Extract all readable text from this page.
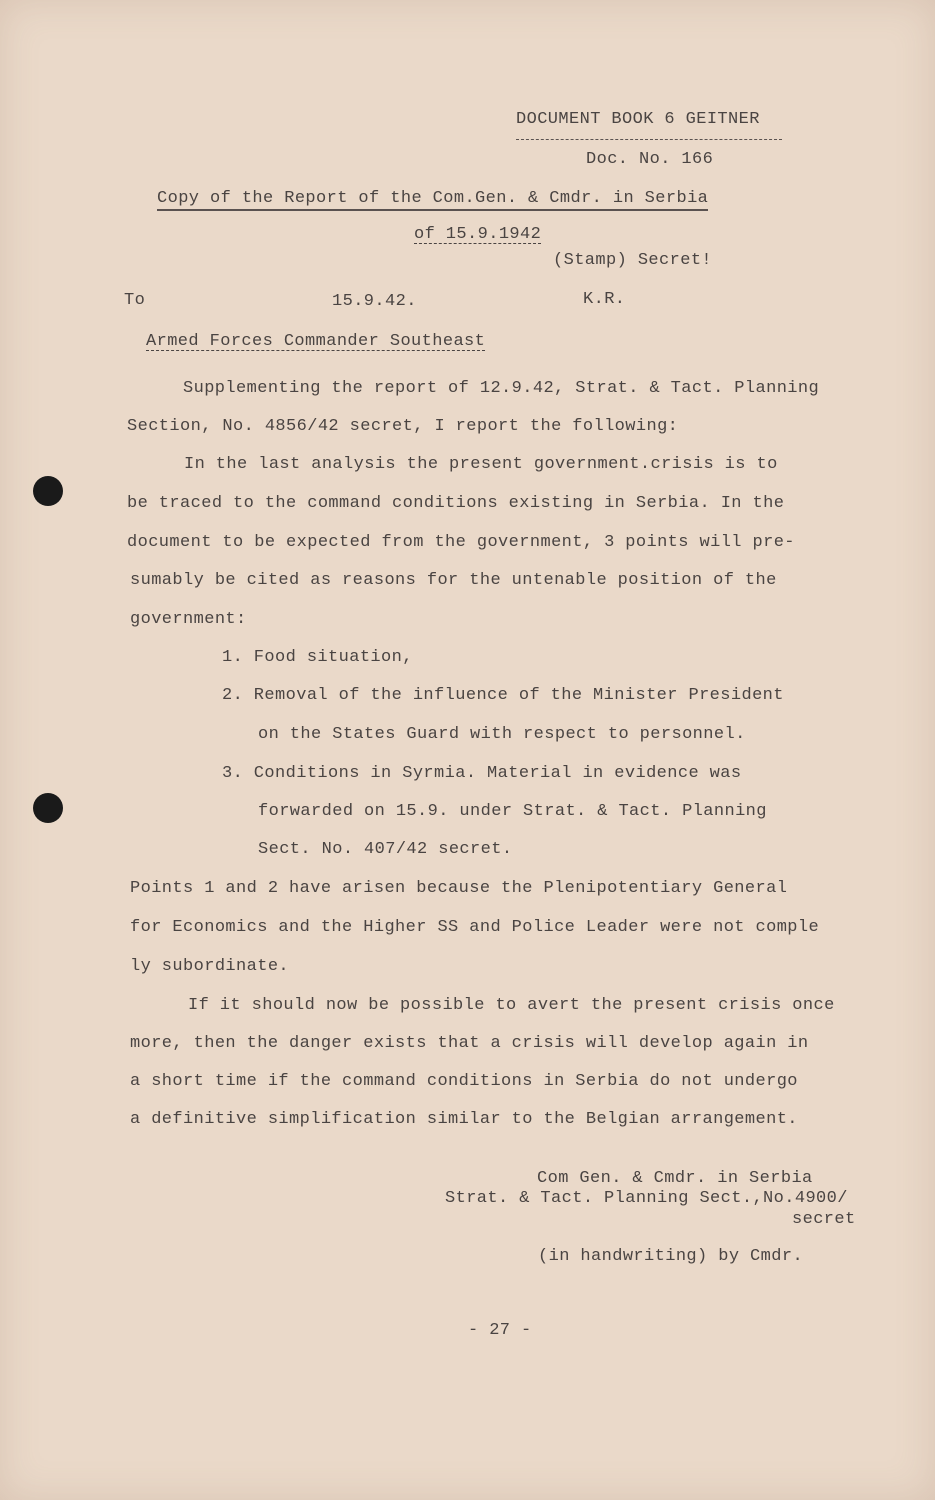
DOCUMENT BOOK 6 GEITNER
Doc. No. 166
Copy of the Report of the Com.Gen. & Cmdr. in Serbia
of 15.9.1942
(Stamp) Secret!
To	15.9.42.	K.R.
Armed Forces Commander Southeast
Supplementing the report of 12.9.42, Strat. & Tact. Planning
Section, No. 4856/42 secret, I report the following:
In the last analysis the present government.crisis is to
be traced to the command conditions existing in Serbia. In the
document to be expected from the government, 3 points will pre-
sumably be cited as reasons for the untenable position of the
government:
1. Food situation,
2. Removal of the influence of the Minister President
on the States Guard with respect to personnel.
3. Conditions in Syrmia. Material in evidence was
forwarded on 15.9. under Strat. & Tact. Planning
Sect. No. 407/42 secret.
Points 1 and 2 have arisen because the Plenipotentiary General
for Economics and the Higher SS and Police Leader were not comple
ly subordinate.
If it should now be possible to avert the present crisis once
more, then the danger exists that a crisis will develop again in
a short time if the command conditions in Serbia do not undergo
a definitive simplification similar to the Belgian arrangement.
Com Gen. & Cmdr. in Serbia
Strat. & Tact. Planning Sect.,No.4900/
secret
(in handwriting) by Cmdr.
- 27 -
